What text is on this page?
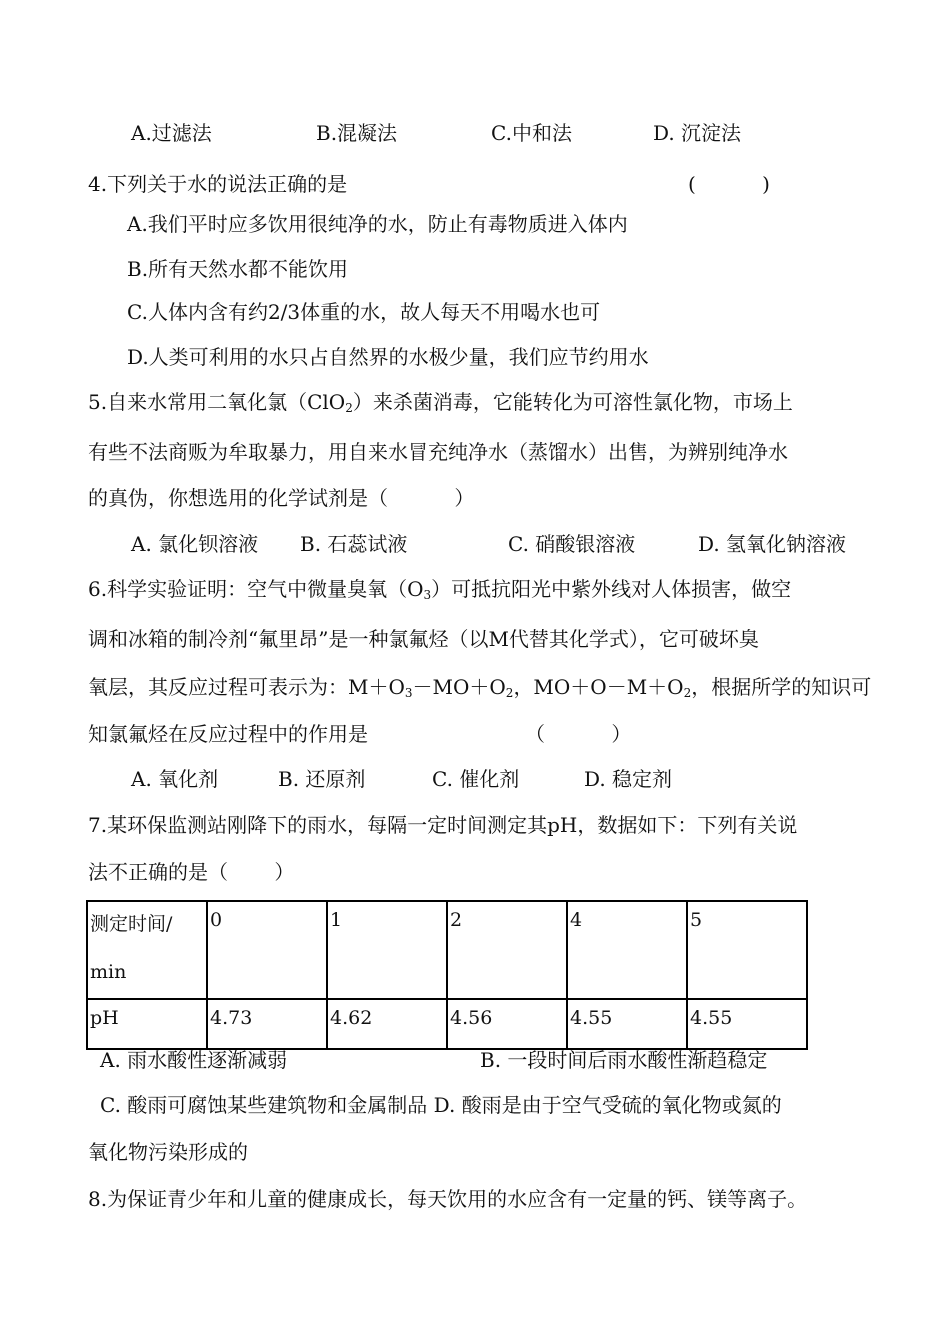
A.过滤法	B.混凝法	C.中和法	D. 沉淀法
4.下列关于水的说法正确的是	(　　　 )
A.我们平时应多饮用很纯净的水，防止有毒物质进入体内
B.所有天然水都不能饮用
C.人体内含有约2/3体重的水，故人每天不用喝水也可
D.人类可利用的水只占自然界的水极少量，我们应节约用水
5.自来水常用二氧化氯（ClO$_2$）来杀菌消毒，它能转化为可溶性氯化物，市场上
有些不法商贩为牟取暴力，用自来水冒充纯净水（蒸馏水）出售，为辨别纯净水
的真伪，你想选用的化学试剂是（　　　 ）
A. 氯化钡溶液 B. 石蕊试液	C. 硝酸银溶液	D. 氢氧化钠溶液
6.科学实验证明：空气中微量臭氧$(O_3)$可抵抗阳光中紫外线对人体损害，做空
调和冰箱的制冷剂“氟里昂”是一种氯氟烃（以M代替其化学式），它可破坏臭
氧层，其反应过程可表示为：$M+O_3-MO+O_2$，$MO+O-M+O_2$，根据所学的知识可
知氯氟烃在反应过程中的作用是	（　　　 ）
A. 氧化剂	B. 还原剂	C. 催化剂	D. 稳定剂
7.某环保监测站刚降下的雨水，每隔一定时间测定其pH，数据如下：下列有关说
法不正确的是（　　 ）
测定时间/
min	0	1	2	4	5
pH	4.73	4.62	4.56	4.55	4.55
A. 雨水酸性逐渐减弱	B. 一段时间后雨水酸性渐趋稳定
C. 酸雨可腐蚀某些建筑物和金属制品 D. 酸雨是由于空气受硫的氧化物或氮的
氧化物污染形成的
8.为保证青少年和儿童的健康成长，每天饮用的水应含有一定量的钙、镁等离子。
